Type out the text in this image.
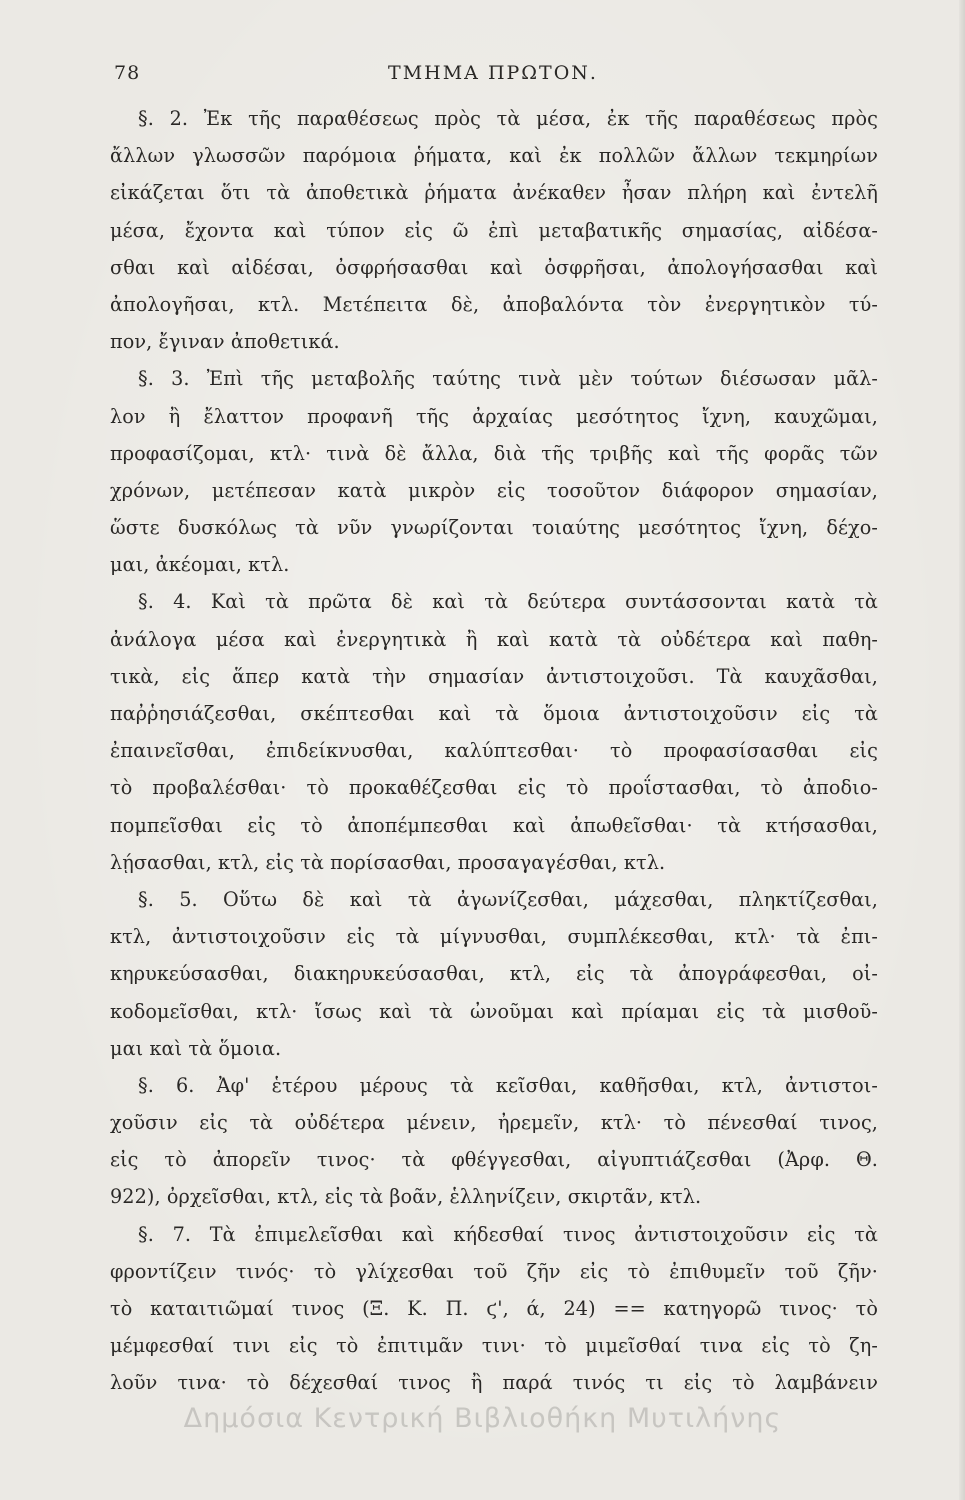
78	ΤΜΗΜΑ ΠΡΩΤΟΝ.
§. 2. Ἐκ τῆς παραθέσεως πρὸς τὰ μέσα, ἐκ τῆς παραθέσεως πρὸς
ἄλλων γλωσσῶν παρόμοια ῥήματα, καὶ ἐκ πολλῶν ἄλλων τεκμηρίων
εἰκάζεται ὅτι τὰ ἀποθετικὰ ῥήματα ἀνέκαθεν ἦσαν πλήρη καὶ ἐντελῆ
μέσα, ἔχοντα καὶ τύπον εἰς ῶ ἐπὶ μεταβατικῆς σημασίας, αἰδέσα-
σθαι καὶ αἰδέσαι, ὀσφρήσασθαι καὶ ὀσφρῆσαι, ἀπολογήσασθαι καὶ
ἀπολογῆσαι, κτλ. Μετέπειτα δὲ, ἀποβαλόντα τὸν ἐνεργητικὸν τύ-
πον, ἔγιναν ἀποθετικά.
§. 3. Ἐπὶ τῆς μεταβολῆς ταύτης τινὰ μὲν τούτων διέσωσαν μᾶλ-
λον ἢ ἔλαττον προφανῆ τῆς ἀρχαίας μεσότητος ἴχνη, καυχῶμαι,
προφασίζομαι, κτλ· τινὰ δὲ ἄλλα, διὰ τῆς τριβῆς καὶ τῆς φορᾶς τῶν
χρόνων, μετέπεσαν κατὰ μικρὸν εἰς τοσοῦτον διάφορον σημασίαν,
ὥστε δυσκόλως τὰ νῦν γνωρίζονται τοιαύτης μεσότητος ἴχνη, δέχο-
μαι, ἀκέομαι, κτλ.
§. 4. Καὶ τὰ πρῶτα δὲ καὶ τὰ δεύτερα συντάσσονται κατὰ τὰ
ἀνάλογα μέσα καὶ ἐνεργητικὰ ἢ καὶ κατὰ τὰ οὐδέτερα καὶ παθη-
τικὰ, εἰς ἅπερ κατὰ τὴν σημασίαν ἀντιστοιχοῦσι. Τὰ καυχᾶσθαι,
παῤῥησιάζεσθαι, σκέπτεσθαι καὶ τὰ ὅμοια ἀντιστοιχοῦσιν εἰς τὰ
ἐπαινεῖσθαι, ἐπιδείκνυσθαι, καλύπτεσθαι· τὸ προφασίσασθαι εἰς
τὸ προβαλέσθαι· τὸ προκαθέζεσθαι εἰς τὸ προΐστασθαι, τὸ ἀποδιο-
πομπεῖσθαι εἰς τὸ ἀποπέμπεσθαι καὶ ἀπωθεῖσθαι· τὰ κτήσασθαι,
λῄσασθαι, κτλ, εἰς τὰ πορίσασθαι, προσαγαγέσθαι, κτλ.
§. 5. Οὕτω δὲ καὶ τὰ ἀγωνίζεσθαι, μάχεσθαι, πληκτίζεσθαι,
κτλ, ἀντιστοιχοῦσιν εἰς τὰ μίγνυσθαι, συμπλέκεσθαι, κτλ· τὰ ἐπι-
κηρυκεύσασθαι, διακηρυκεύσασθαι, κτλ, εἰς τὰ ἀπογράφεσθαι, οἰ-
κοδομεῖσθαι, κτλ· ἴσως καὶ τὰ ὠνοῦμαι καὶ πρίαμαι εἰς τὰ μισθοῦ-
μαι καὶ τὰ ὅμοια.
§. 6. Ἀφ' ἑτέρου μέρους τὰ κεῖσθαι, καθῆσθαι, κτλ, ἀντιστοι-
χοῦσιν εἰς τὰ οὐδέτερα μένειν, ἠρεμεῖν, κτλ· τὸ πένεσθαί τινος,
εἰς τὸ ἀπορεῖν τινος· τὰ φθέγγεσθαι, αἰγυπτιάζεσθαι (Ἀρφ. Θ.
922), ὀρχεῖσθαι, κτλ, εἰς τὰ βοᾶν, ἑλληνίζειν, σκιρτᾶν, κτλ.
§. 7. Τὰ ἐπιμελεῖσθαι καὶ κήδεσθαί τινος ἀντιστοιχοῦσιν εἰς τὰ
φροντίζειν τινός· τὸ γλίχεσθαι τοῦ ζῆν εἰς τὸ ἐπιθυμεῖν τοῦ ζῆν·
τὸ καταιτιῶμαί τινος (Ξ. Κ. Π. ϛ', ά, 24) == κατηγορῶ τινος· τὸ
μέμφεσθαί τινι εἰς τὸ ἐπιτιμᾶν τινι· τὸ μιμεῖσθαί τινα εἰς τὸ ζη-
λοῦν τινα· τὸ δέχεσθαί τινος ἢ παρά τινός τι εἰς τὸ λαμβάνειν
Δημόσια Κεντρική Βιβλιοθήκη Μυτιλήνης
